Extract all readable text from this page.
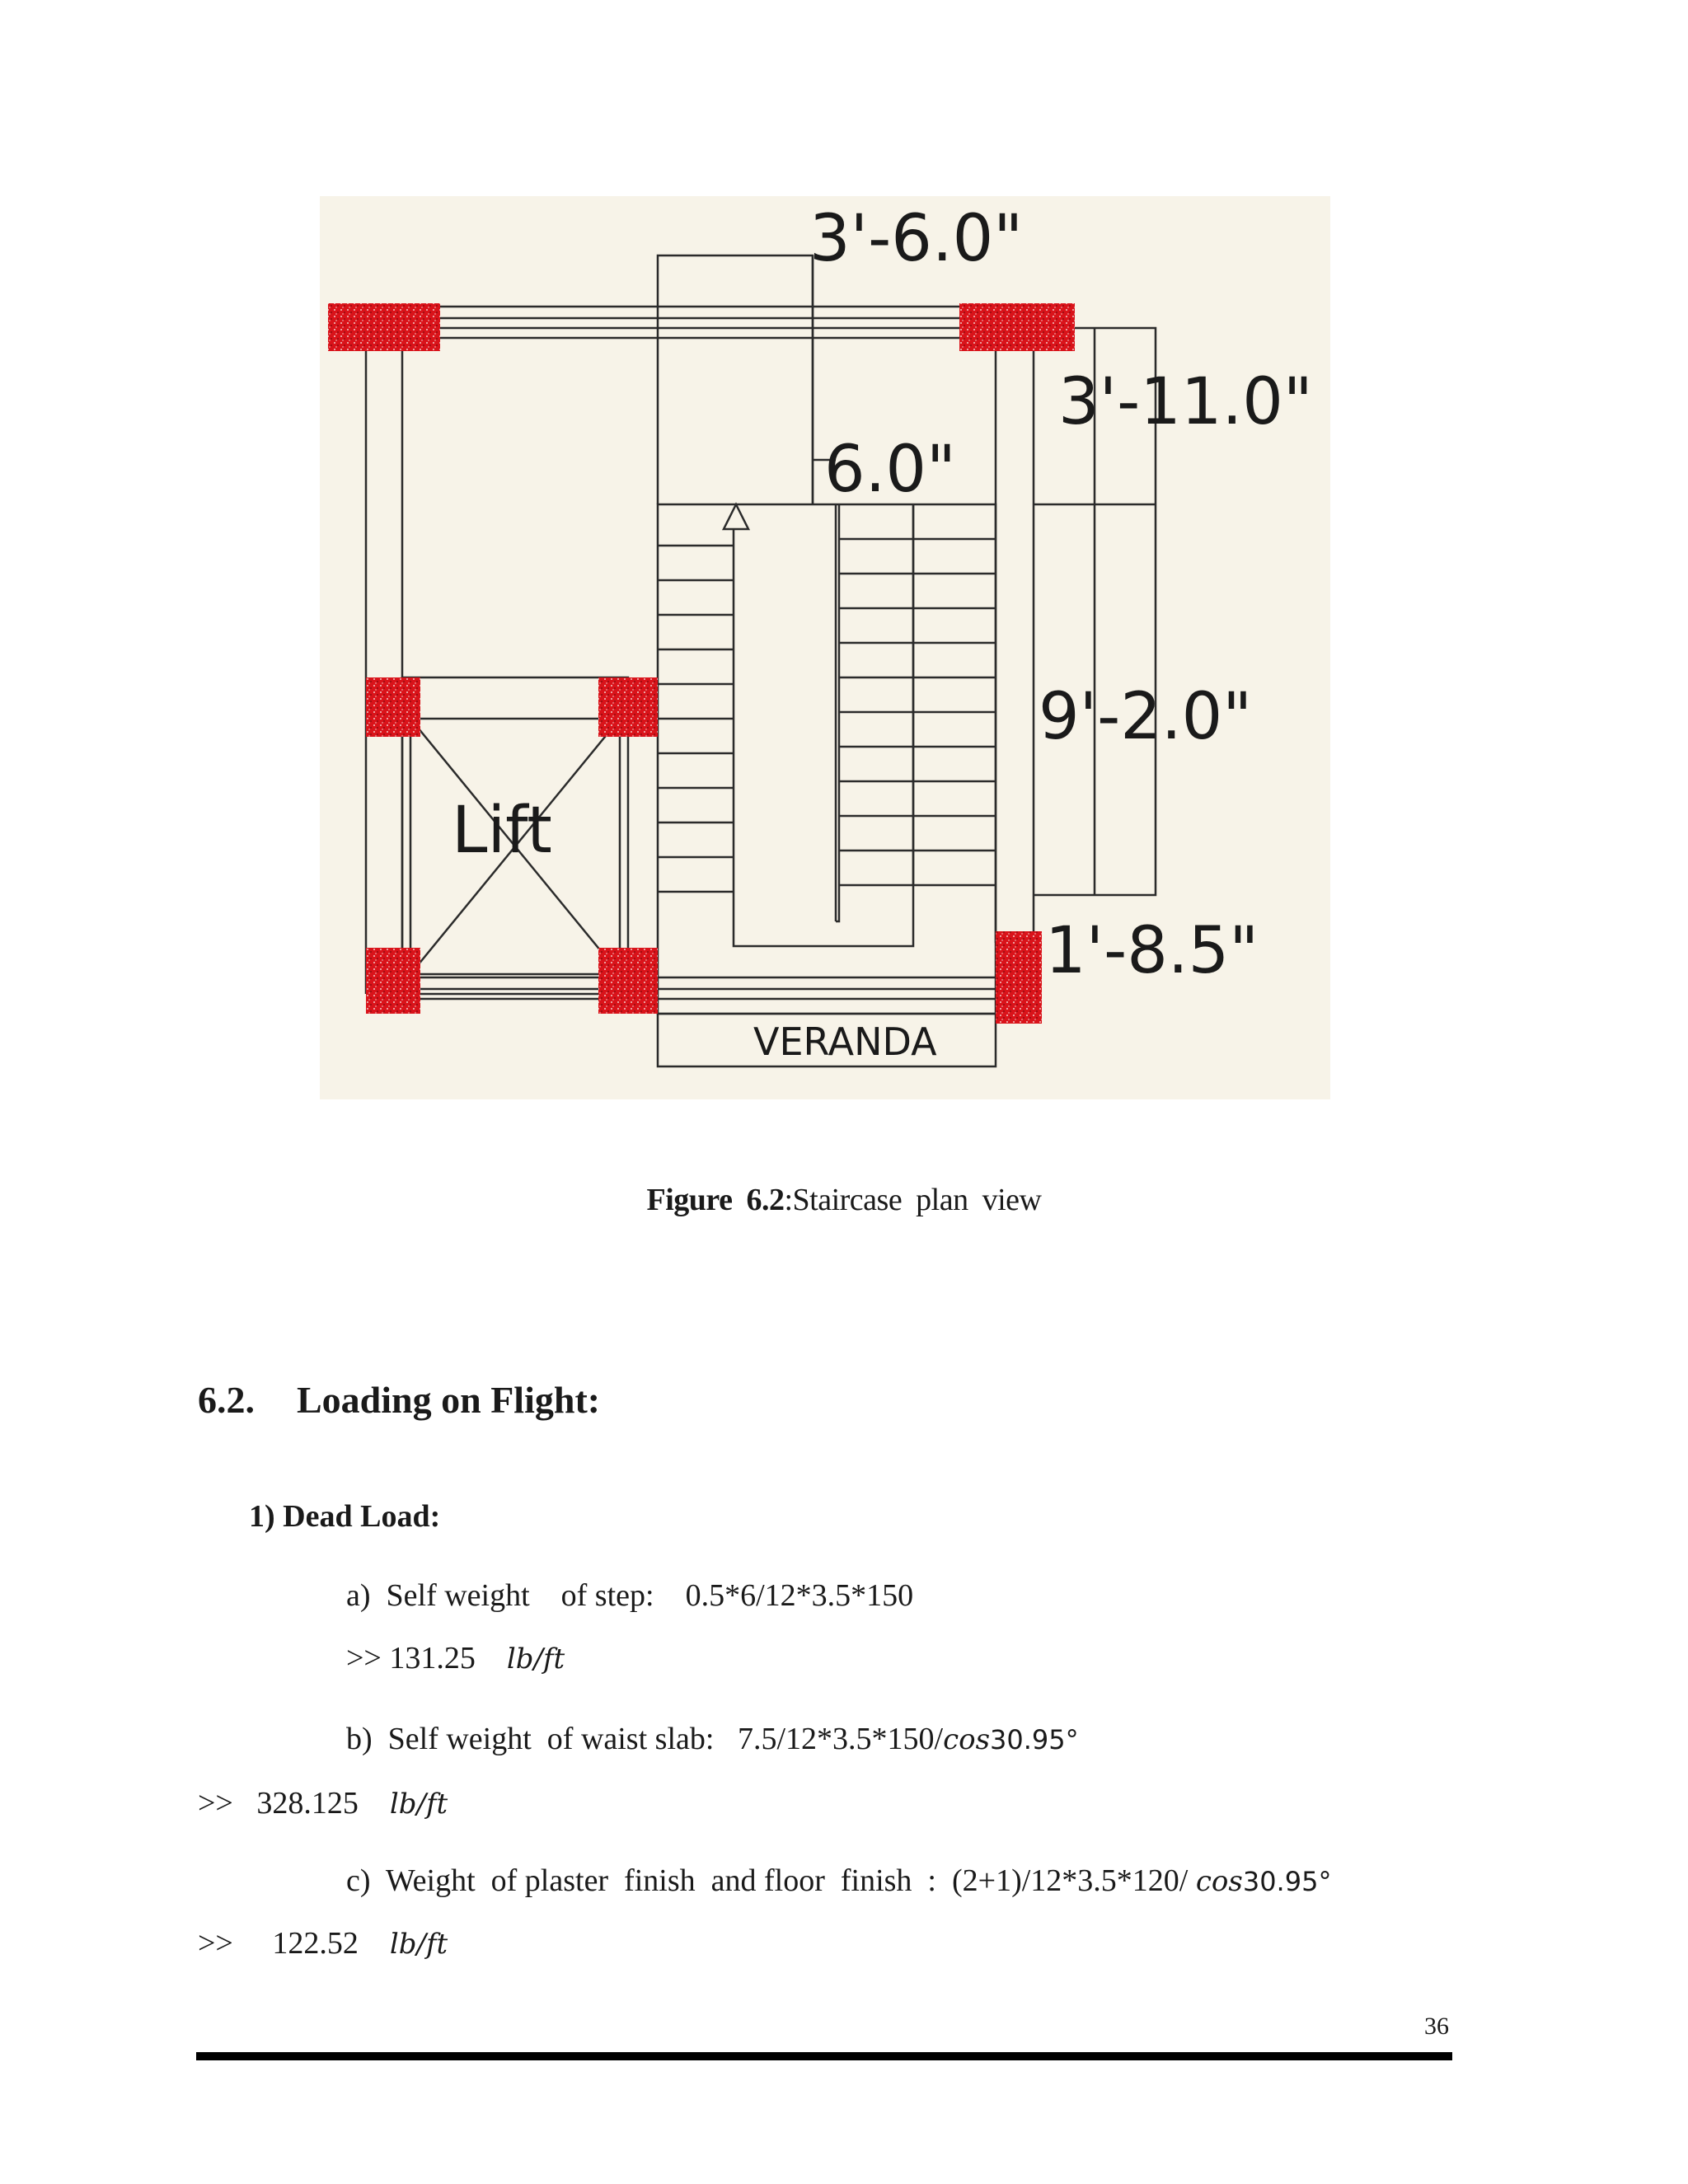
3'-6.0"
3'-11.0"
6.0"
9'-2.0"
1'-8.5"
Lift
VERANDA
Figure 6.2:Staircase plan view
6.2. Loading on Flight:
1) Dead Load:
a)  Self weight    of step: 0.5*6/12*3.5*150
>> 131.25 lb/ft
b)  Self weight  of waist slab: 7.5/12*3.5*150/cos30.95°
>>   328.125 lb/ft
c)  Weight  of plaster  finish  and floor  finish  : (2+1)/12*3.5*120/ cos30.95°
>>     122.52 lb/ft
36
